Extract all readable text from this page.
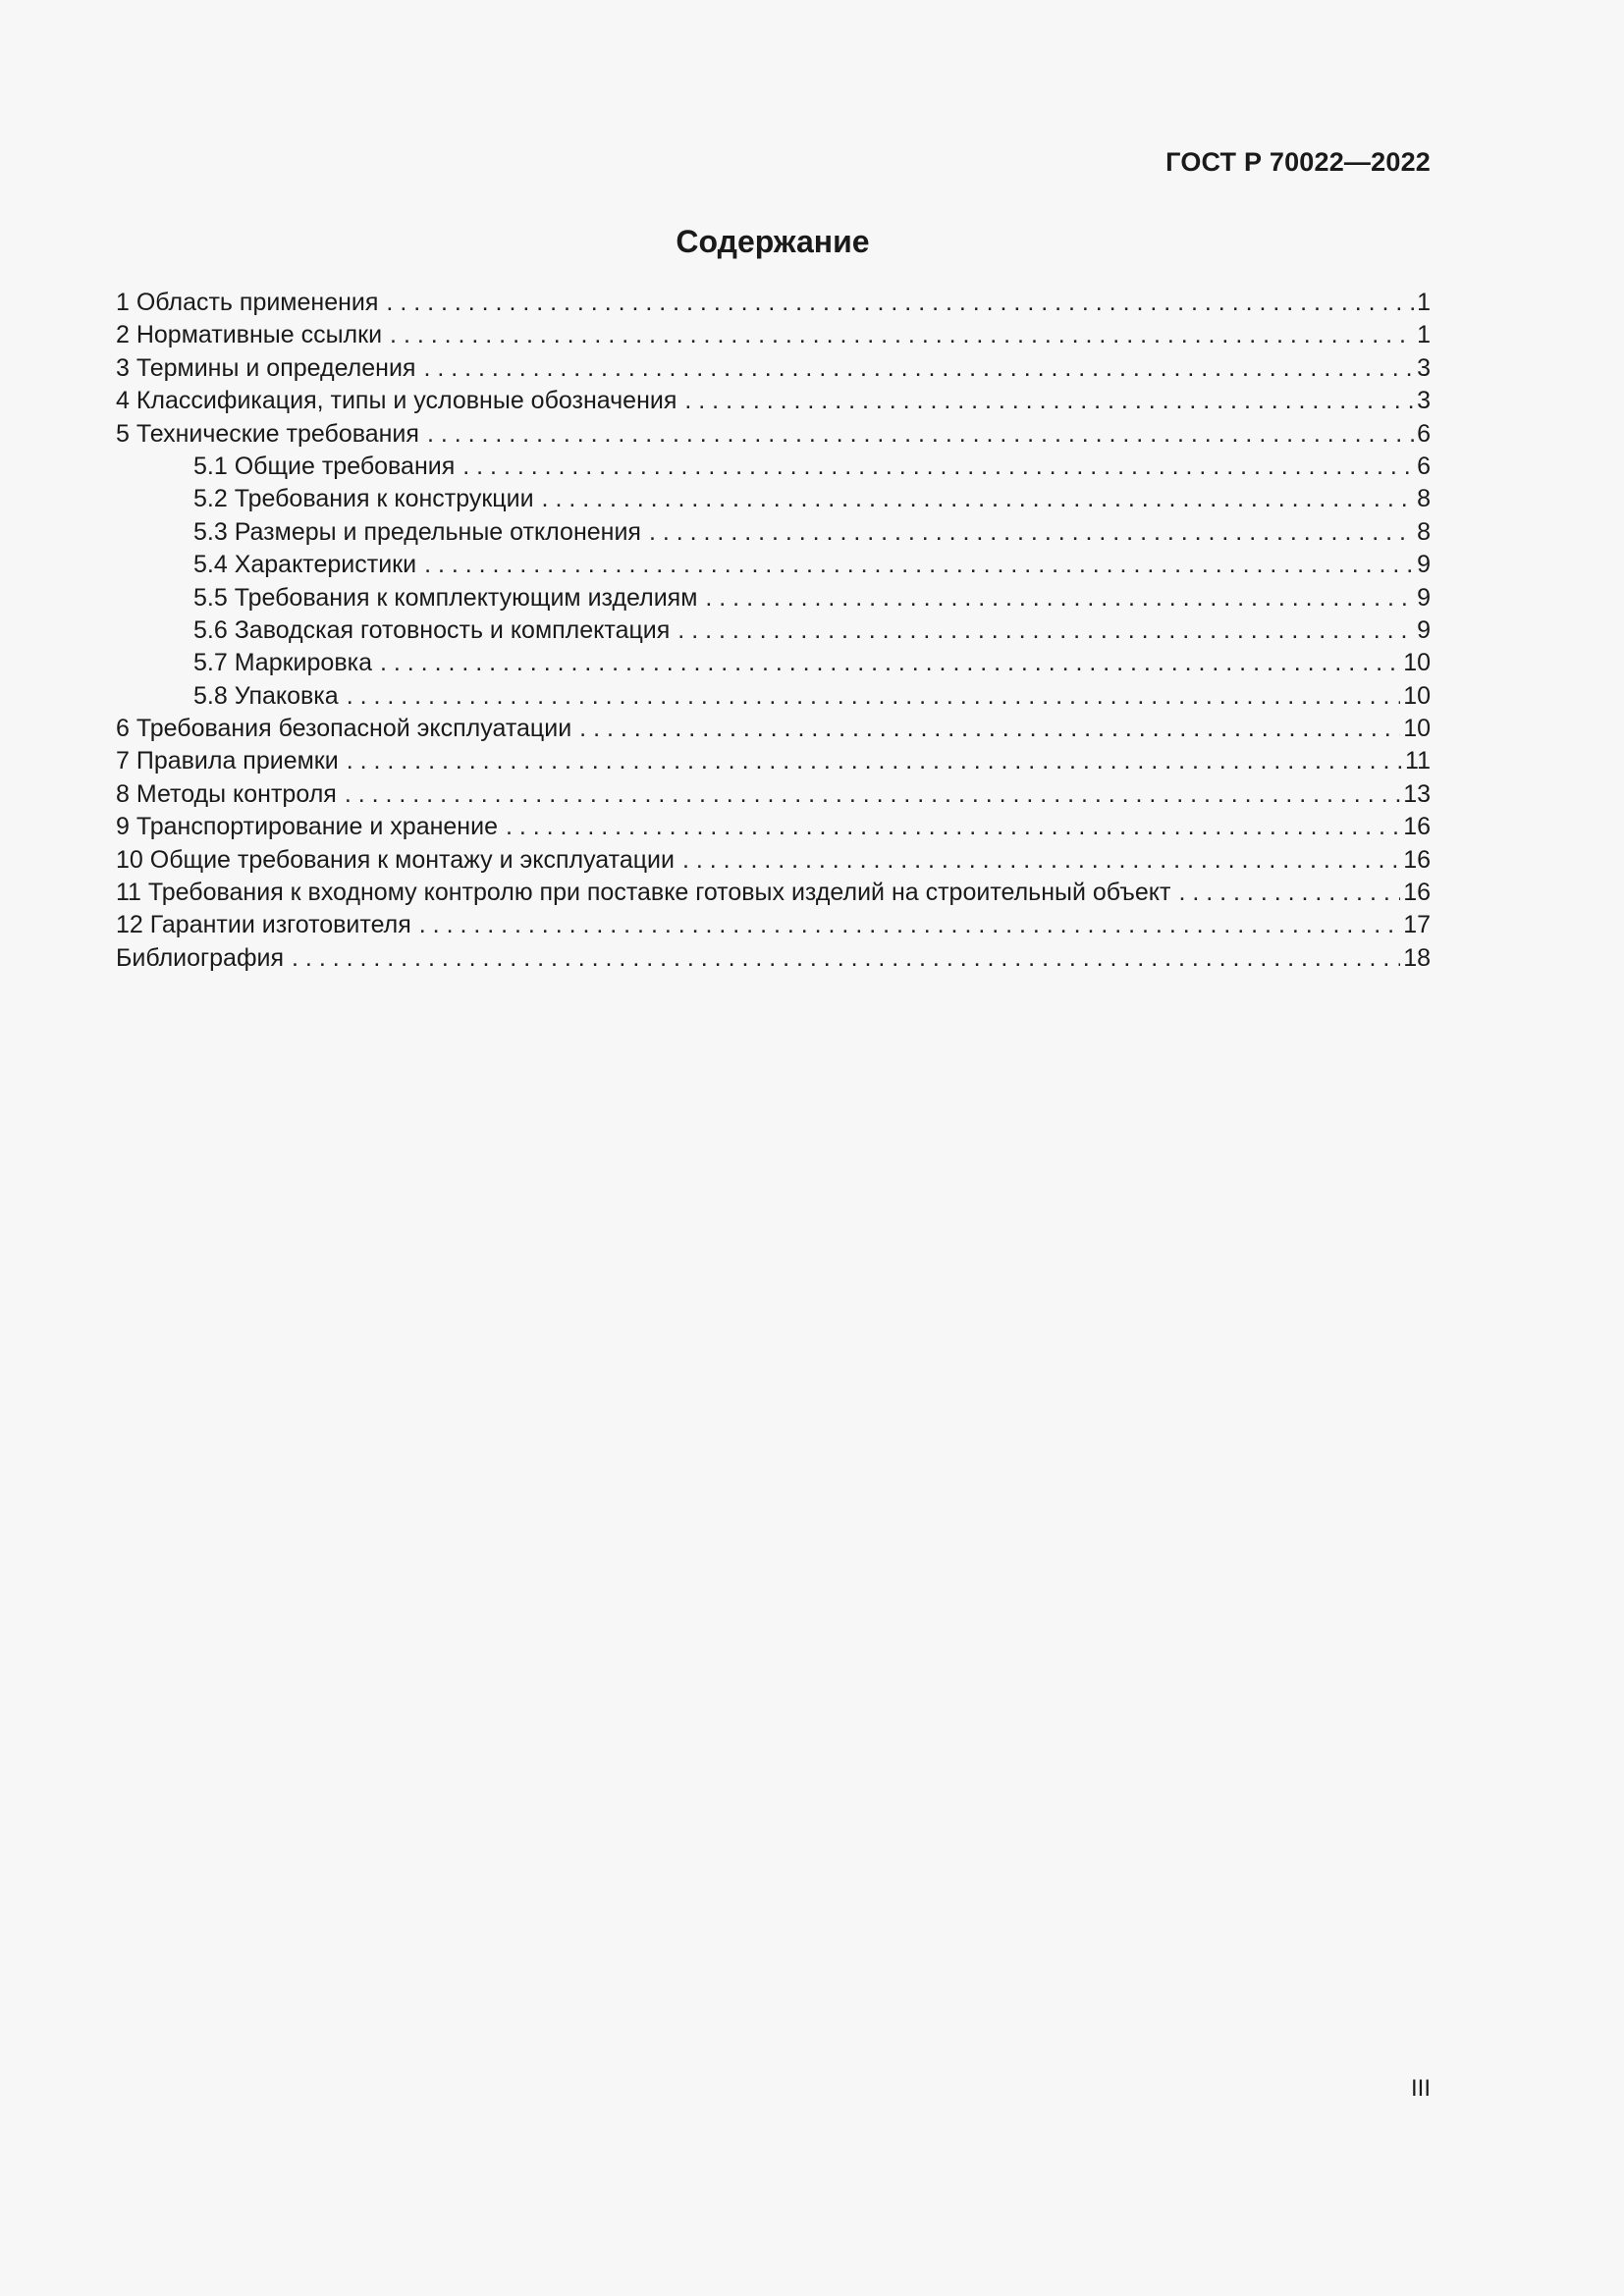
ГОСТ Р 70022—2022
Содержание
1 Область применения . . .	1
2 Нормативные ссылки . . .	1
3 Термины и определения . . .	3
4 Классификация, типы и условные обозначения . . .	3
5 Технические требования . . .	6
5.1 Общие требования . . .	6
5.2 Требования к конструкции . . .	8
5.3 Размеры и предельные отклонения . . .	8
5.4 Характеристики . . .	9
5.5 Требования к комплектующим изделиям . . .	9
5.6 Заводская готовность и комплектация . . .	9
5.7 Маркировка . . .	10
5.8 Упаковка . . .	10
6 Требования безопасной эксплуатации . . .	10
7 Правила приемки . . .	11
8 Методы контроля . . .	13
9 Транспортирование и хранение . . .	16
10 Общие требования к монтажу и эксплуатации . . .	16
11 Требования к входному контролю при поставке готовых изделий на строительный объект . . .	16
12 Гарантии изготовителя . . .	17
Библиография . . .	18
III
